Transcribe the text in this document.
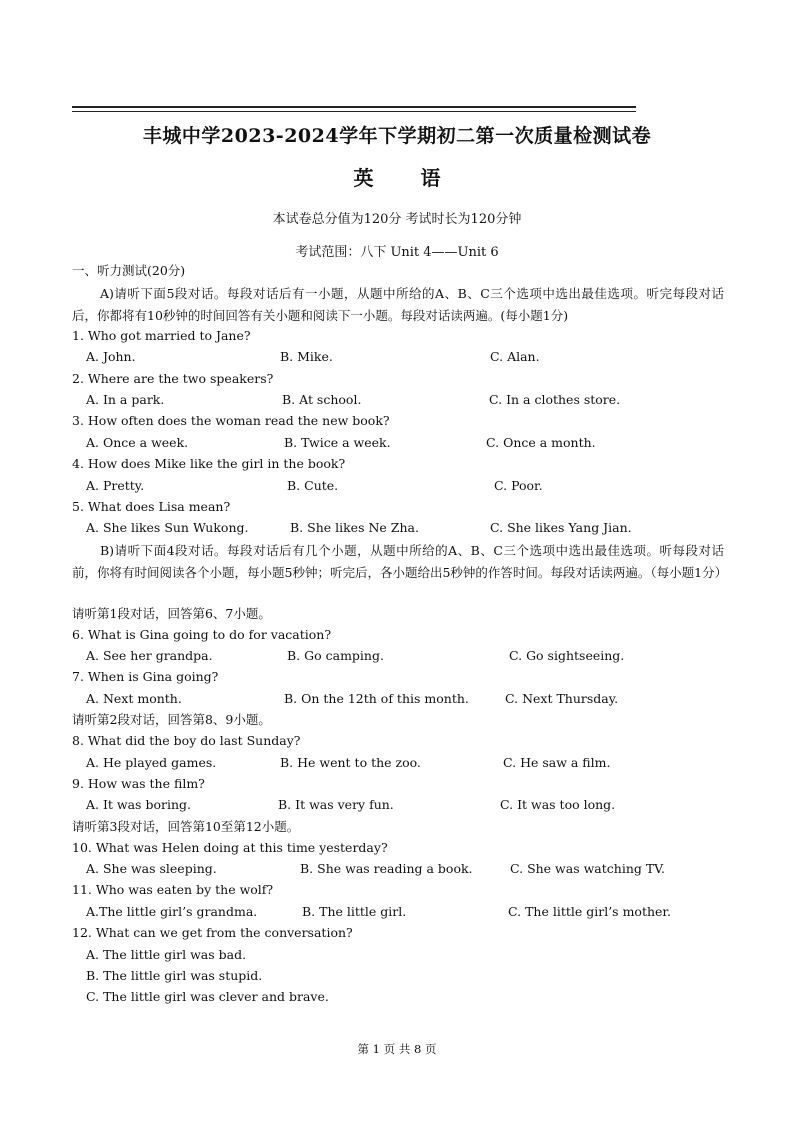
丰城中学2023-2024学年下学期初二第一次质量检测试卷
英 语
本试卷总分值为120分 考试时长为120分钟
考试范围：八下 Unit 4——Unit 6
一、听力测试(20分)
A)请听下面5段对话。每段对话后有一小题，从题中所给的A、B、C三个选项中选出最佳选项。听完每段对话后，你都将有10秒钟的时间回答有关小题和阅读下一小题。每段对话读两遍。(每小题1分)
1. Who got married to Jane?
A. John.	B. Mike.	C. Alan.
2. Where are the two speakers?
A. In a park.	B. At school.	C. In a clothes store.
3. How often does the woman read the new book?
A. Once a week.	B. Twice a week.	C. Once a month.
4. How does Mike like the girl in the book?
A. Pretty.	B. Cute.	C. Poor.
5. What does Lisa mean?
A. She likes Sun Wukong.	B. She likes Ne Zha.	C. She likes Yang Jian.
B)请听下面4段对话。每段对话后有几个小题，从题中所给的A、B、C三个选项中选出最佳选项。听每段对话前，你将有时间阅读各个小题，每小题5秒钟；听完后，各小题给出5秒钟的作答时间。每段对话读两遍。（每小题1分）
请听第1段对话，回答第6、7小题。
6. What is Gina going to do for vacation?
A. See her grandpa.	B. Go camping.	C. Go sightseeing.
7. When is Gina going?
A. Next month.	B. On the 12th of this month.	C. Next Thursday.
请听第2段对话，回答第8、9小题。
8. What did the boy do last Sunday?
A. He played games.	B. He went to the zoo.	C. He saw a film.
9. How was the film?
A. It was boring.	B. It was very fun.	C. It was too long.
请听第3段对话，回答第10至第12小题。
10. What was Helen doing at this time yesterday?
A. She was sleeping.	B. She was reading a book.	C. She was watching TV.
11. Who was eaten by the wolf?
A.The little girl’s grandma.	B. The little girl.	C. The little girl’s mother.
12. What can we get from the conversation?
A. The little girl was bad.
B. The little girl was stupid.
C. The little girl was clever and brave.
第 1 页 共 8 页
